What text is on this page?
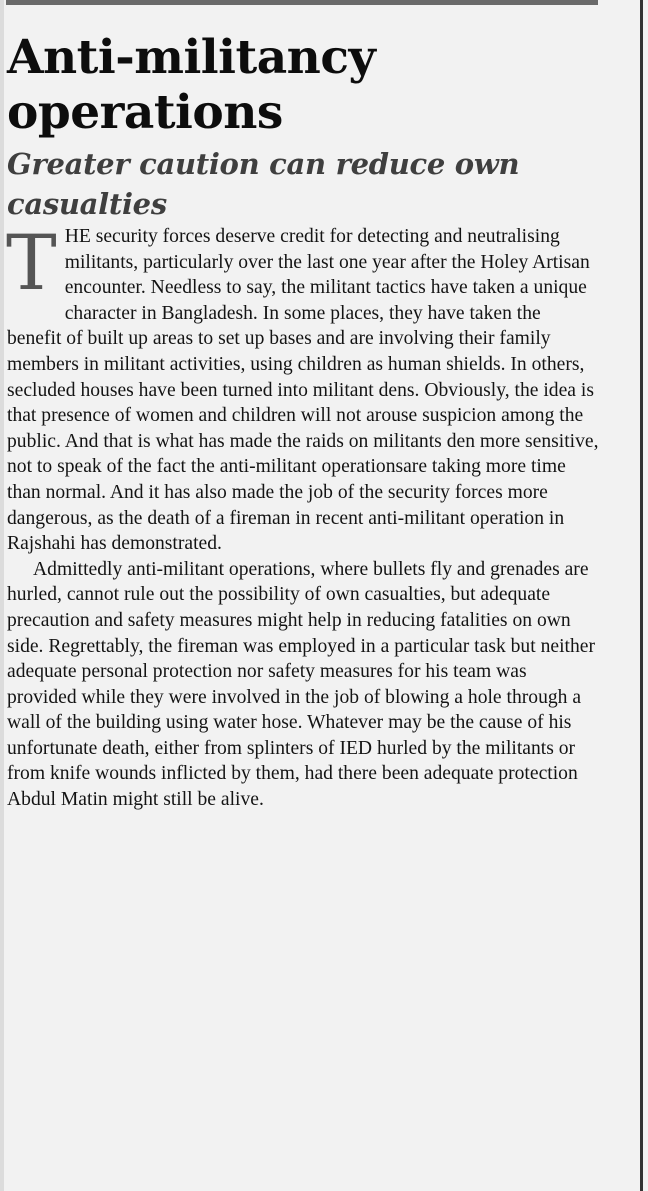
Anti-militancy operations
Greater caution can reduce own casualties

THE security forces deserve credit for detecting and neutralising militants, particularly over the last one year after the Holey Artisan encounter. Needless to say, the militant tactics have taken a unique character in Bangladesh. In some places, they have taken the benefit of built up areas to set up bases and are involving their family members in militant activities, using children as human shields. In others, secluded houses have been turned into militant dens. Obviously, the idea is that presence of women and children will not arouse suspicion among the public. And that is what has made the raids on militants den more sensitive, not to speak of the fact the anti-militant operationsare taking more time than normal. And it has also made the job of the security forces more dangerous, as the death of a fireman in recent anti-militant operation in Rajshahi has demonstrated.

Admittedly anti-militant operations, where bullets fly and grenades are hurled, cannot rule out the possibility of own casualties, but adequate precaution and safety measures might help in reducing fatalities on own side. Regrettably, the fireman was employed in a particular task but neither adequate personal protection nor safety measures for his team was provided while they were involved in the job of blowing a hole through a wall of the building using water hose. Whatever may be the cause of his unfortunate death, either from splinters of IED hurled by the militants or from knife wounds inflicted by them, had there been adequate protection Abdul Matin might still be alive.
